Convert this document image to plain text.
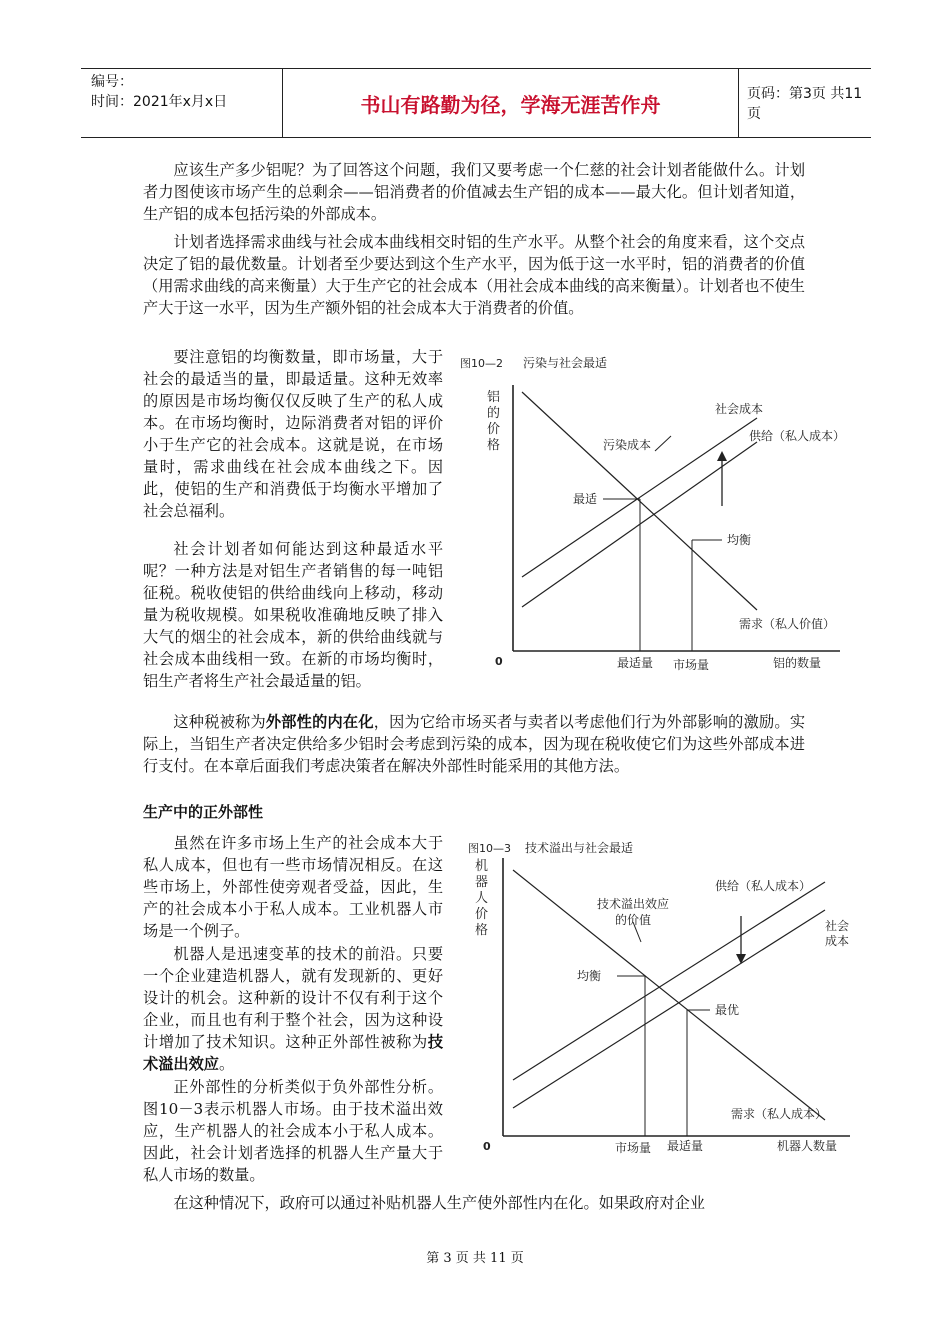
编号：
时间：2021年x月x日	书山有路勤为径，学海无涯苦作舟	页码：第3页 共11页

应该生产多少铝呢？为了回答这个问题，我们又要考虑一个仁慈的社会计划者能做什么。计划者力图使该市场产生的总剩余——铝消费者的价值减去生产铝的成本——最大化。但计划者知道，生产铝的成本包括污染的外部成本。

计划者选择需求曲线与社会成本曲线相交时铝的生产水平。从整个社会的角度来看，这个交点决定了铝的最优数量。计划者至少要达到这个生产水平，因为低于这一水平时，铝的消费者的价值（用需求曲线的高来衡量）大于生产它的社会成本（用社会成本曲线的高来衡量）。计划者也不使生产大于这一水平，因为生产额外铝的社会成本大于消费者的价值。

要注意铝的均衡数量，即市场量，大于社会的最适当的量，即最适量。这种无效率的原因是市场均衡仅仅反映了生产的私人成本。在市场均衡时，边际消费者对铝的评价小于生产它的社会成本。这就是说，在市场量时，需求曲线在社会成本曲线之下。因此，使铝的生产和消费低于均衡水平增加了社会总福利。

社会计划者如何能达到这种最适水平呢？一种方法是对铝生产者销售的每一吨铝征税。税收使铝的供给曲线向上移动，移动量为税收规模。如果税收准确地反映了排入大气的烟尘的社会成本，新的供给曲线就与社会成本曲线相一致。在新的市场均衡时，铝生产者将生产社会最适量的铝。

这种税被称为外部性的内在化，因为它给市场买者与卖者以考虑他们行为外部影响的激励。实际上，当铝生产者决定供给多少铝时会考虑到污染的成本，因为现在税收使它们为这些外部成本进行支付。在本章后面我们考虑决策者在解决外部性时能采用的其他方法。

生产中的正外部性

虽然在许多市场上生产的社会成本大于私人成本，但也有一些市场情况相反。在这些市场上，外部性使旁观者受益，因此，生产的社会成本小于私人成本。工业机器人市场是一个例子。

机器人是迅速变革的技术的前沿。只要一个企业建造机器人，就有发现新的、更好设计的机会。这种新的设计不仅有利于这个企业，而且也有利于整个社会，因为这种设计增加了技术知识。这种正外部性被称为技术溢出效应。

正外部性的分析类似于负外部性分析。图10－3表示机器人市场。由于技术溢出效应，生产机器人的社会成本小于私人成本。因此，社会计划者选择的机器人生产量大于私人市场的数量。

在这种情况下，政府可以通过补贴机器人生产使外部性内在化。如果政府对企业

图10—2 污染与社会最适
铝
的
价
格
0
社会成本
污染成本
供给（私人成本）
最适
均衡
需求（私人价值）
最适量 市场量	铝的数量
图10—3 技术溢出与社会最适
机
器
人
价
格
0
供给（私人成本）
技术溢出效应
的价值	社会
成本
均衡
最优
需求（私人成本）
市场量 最适量	机器人数量
第 3 页 共 11 页
